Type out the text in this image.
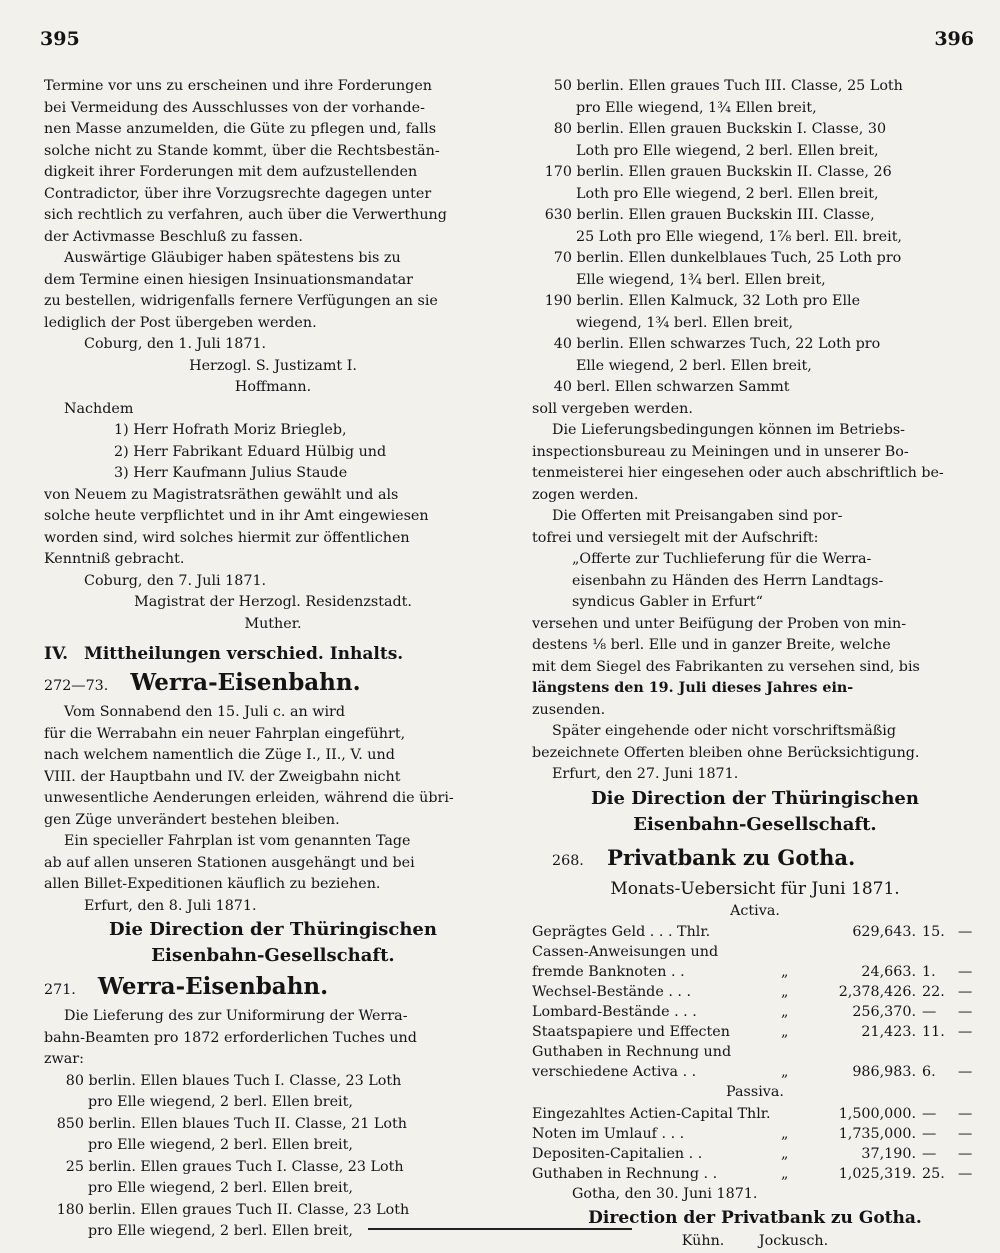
395	396
Termine vor uns zu erscheinen und ihre Forderungen
bei Vermeidung des Ausschlusses von der vorhande-
nen Masse anzumelden, die Güte zu pflegen und, falls
solche nicht zu Stande kommt, über die Rechtsbestän-
digkeit ihrer Forderungen mit dem aufzustellenden
Contradictor, über ihre Vorzugsrechte dagegen unter
sich rechtlich zu verfahren, auch über die Verwerthung
der Activmasse Beschluß zu fassen.
Auswärtige Gläubiger haben spätestens bis zu
dem Termine einen hiesigen Insinuationsmandatar
zu bestellen, widrigenfalls fernere Verfügungen an sie
lediglich der Post übergeben werden.
Coburg, den 1. Juli 1871.
Herzogl. S. Justizamt I.
Hoffmann.
Nachdem
1) Herr Hofrath Moriz Briegleb,
2) Herr Fabrikant Eduard Hülbig und
3) Herr Kaufmann Julius Staude
von Neuem zu Magistratsräthen gewählt und als
solche heute verpflichtet und in ihr Amt eingewiesen
worden sind, wird solches hiermit zur öffentlichen
Kenntniß gebracht.
Coburg, den 7. Juli 1871.
Magistrat der Herzogl. Residenzstadt.
Muther.
IV. Mittheilungen verschied. Inhalts.
272—73. Werra-Eisenbahn.
Vom Sonnabend den 15. Juli c. an wird
für die Werrabahn ein neuer Fahrplan eingeführt,
nach welchem namentlich die Züge I., II., V. und
VIII. der Hauptbahn und IV. der Zweigbahn nicht
unwesentliche Aenderungen erleiden, während die übri-
gen Züge unverändert bestehen bleiben.
Ein specieller Fahrplan ist vom genannten Tage
ab auf allen unseren Stationen ausgehängt und bei
allen Billet-Expeditionen käuflich zu beziehen.
Erfurt, den 8. Juli 1871.
Die Direction der Thüringischen
Eisenbahn-Gesellschaft.
271. Werra-Eisenbahn.
Die Lieferung des zur Uniformirung der Werra-
bahn-Beamten pro 1872 erforderlichen Tuches und
zwar:
80 berlin. Ellen blaues Tuch I. Classe, 23 Loth
pro Elle wiegend, 2 berl. Ellen breit,
850 berlin. Ellen blaues Tuch II. Classe, 21 Loth
pro Elle wiegend, 2 berl. Ellen breit,
25 berlin. Ellen graues Tuch I. Classe, 23 Loth
pro Elle wiegend, 2 berl. Ellen breit,
180 berlin. Ellen graues Tuch II. Classe, 23 Loth
pro Elle wiegend, 2 berl. Ellen breit,
50 berlin. Ellen graues Tuch III. Classe, 25 Loth
pro Elle wiegend, 1¾ Ellen breit,
80 berlin. Ellen grauen Buckskin I. Classe, 30
Loth pro Elle wiegend, 2 berl. Ellen breit,
170 berlin. Ellen grauen Buckskin II. Classe, 26
Loth pro Elle wiegend, 2 berl. Ellen breit,
630 berlin. Ellen grauen Buckskin III. Classe,
25 Loth pro Elle wiegend, 1⅞ berl. Ell. breit,
70 berlin. Ellen dunkelblaues Tuch, 25 Loth pro
Elle wiegend, 1¾ berl. Ellen breit,
190 berlin. Ellen Kalmuck, 32 Loth pro Elle
wiegend, 1¾ berl. Ellen breit,
40 berlin. Ellen schwarzes Tuch, 22 Loth pro
Elle wiegend, 2 berl. Ellen breit,
40 berl. Ellen schwarzen Sammt
soll vergeben werden.
Die Lieferungsbedingungen können im Betriebs-
inspectionsbureau zu Meiningen und in unserer Bo-
tenmeisterei hier eingesehen oder auch abschriftlich be-
zogen werden.
Die Offerten mit Preisangaben sind por-
tofrei und versiegelt mit der Aufschrift:
„Offerte zur Tuchlieferung für die Werra-
eisenbahn zu Händen des Herrn Landtags-
syndicus Gabler in Erfurt“
versehen und unter Beifügung der Proben von min-
destens ⅛ berl. Elle und in ganzer Breite, welche
mit dem Siegel des Fabrikanten zu versehen sind, bis
längstens den 19. Juli dieses Jahres ein-
zusenden.
Später eingehende oder nicht vorschriftsmäßig
bezeichnete Offerten bleiben ohne Berücksichtigung.
Erfurt, den 27. Juni 1871.
Die Direction der Thüringischen
Eisenbahn-Gesellschaft.
268. Privatbank zu Gotha.
Monats-Uebersicht für Juni 1871.
Activa.
Geprägtes Geld . . . Thlr.		629,643.	15.	—
Cassen-Anweisungen und				
fremde Banknoten . .	„	24,663.	1.	—
Wechsel-Bestände . . .	„	2,378,426.	22.	—
Lombard-Bestände . . .	„	256,370.	—	—
Staatspapiere und Effecten	„	21,423.	11.	—
Guthaben in Rechnung und				
verschiedene Activa . .	„	986,983.	6.	—
Passiva.
Eingezahltes Actien-Capital Thlr.		1,500,000.	—	—
Noten im Umlauf . . .	„	1,735,000.	—	—
Depositen-Capitalien . .	„	37,190.	—	—
Guthaben in Rechnung . .	„	1,025,319.	25.	—
Gotha, den 30. Juni 1871.
Direction der Privatbank zu Gotha.
Kühn. Jockusch.
